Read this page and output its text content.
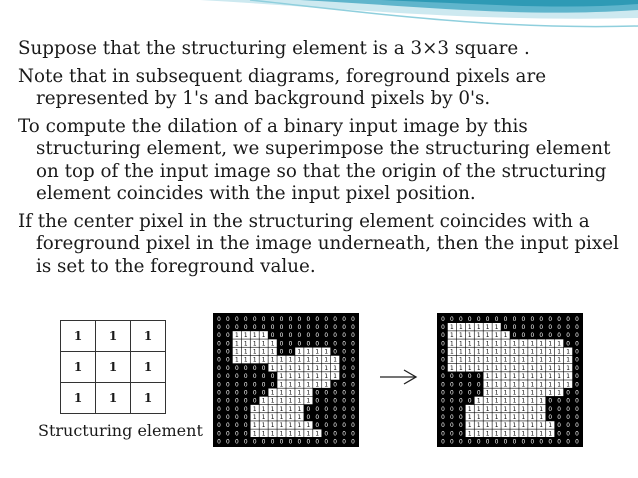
Suppose that the structuring element is a 3×3 square .

Note that in subsequent diagrams, foreground pixels are represented by 1's and background pixels by 0's.

To compute the dilation of a binary input image by this structuring element, we superimpose the structuring element on top of the input image so that the origin of the structuring element coincides with the input pixel position.

If the center pixel in the structuring element coincides with a foreground pixel in the image underneath, then the input pixel is set to the foreground value.

1	1	1
1	1	1
1	1	1
Structuring element
0 0 0 0 0 0 0 0 0 0 0 0 0 0 0 0
0 0 0 0 0 0 0 0 0 0 0 0 0 0 0 0
0 0 1 1 1 1 0 0 0 0 0 0 0 0 0 0
0 0 1 1 1 1 1 0 0 0 0 0 0 0 0 0
0 0 1 1 1 1 1 0 0 1 1 1 1 0 0 0
0 0 1 1 1 1 1 1 1 1 1 1 1 1 0 0
0 0 0 0 0 0 1 1 1 1 1 1 1 1 0 0
0 0 0 0 0 0 0 1 1 1 1 1 1 1 0 0
0 0 0 0 0 0 0 1 1 1 1 1 1 0 0 0
0 0 0 0 0 0 1 1 1 1 1 0 0 0 0 0
0 0 0 0 0 1 1 1 1 1 1 0 0 0 0 0
0 0 0 0 1 1 1 1 1 1 0 0 0 0 0 0
0 0 0 0 1 1 1 1 1 1 0 0 0 0 0 0
0 0 0 0 1 1 1 1 1 1 1 0 0 0 0 0
0 0 0 0 1 1 1 1 1 1 1 1 0 0 0 0
0 0 0 0 0 0 0 0 0 0 0 0 0 0 0 0
0 0 0 0 0 0 0 0 0 0 0 0 0 0 0 0
0 1 1 1 1 1 1 0 0 0 0 0 0 0 0 0
0 1 1 1 1 1 1 1 0 0 0 0 0 0 0 0
0 1 1 1 1 1 1 1 1 1 1 1 1 1 0 0
0 1 1 1 1 1 1 1 1 1 1 1 1 1 1 0
0 1 1 1 1 1 1 1 1 1 1 1 1 1 1 0
0 1 1 1 1 1 1 1 1 1 1 1 1 1 1 0
0 0 0 0 0 1 1 1 1 1 1 1 1 1 1 0
0 0 0 0 0 1 1 1 1 1 1 1 1 1 1 0
0 0 0 0 0 1 1 1 1 1 1 1 1 1 0 0
0 0 0 0 1 1 1 1 1 1 1 1 0 0 0 0
0 0 0 1 1 1 1 1 1 1 1 1 0 0 0 0
0 0 0 1 1 1 1 1 1 1 1 1 0 0 0 0
0 0 0 1 1 1 1 1 1 1 1 1 1 0 0 0
0 0 0 1 1 1 1 1 1 1 1 1 1 0 0 0
0 0 0 0 0 0 0 0 0 0 0 0 0 0 0 0
